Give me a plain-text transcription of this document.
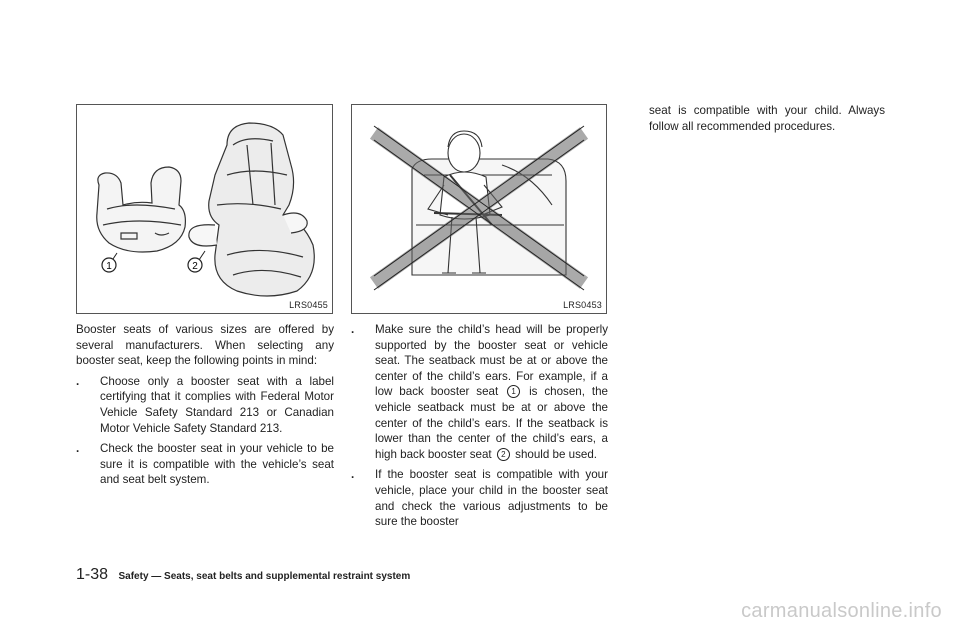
1	2
LRS0455	LRS0453

Booster seats of various sizes are offered by several manufacturers. When selecting any booster seat, keep the following points in mind:

. Choose only a booster seat with a label certifying that it complies with Federal Motor Vehicle Safety Standard 213 or Canadian Motor Vehicle Safety Standard 213.
. Check the booster seat in your vehicle to be sure it is compatible with the vehicle’s seat and seat belt system.
. Make sure the child’s head will be properly supported by the booster seat or vehicle seat. The seatback must be at or above the center of the child’s ears. For example, if a low back booster seat 1 is chosen, the vehicle seatback must be at or above the center of the child’s ears. If the seatback is lower than the center of the child’s ears, a high back booster seat 2 should be used.
. If the booster seat is compatible with your vehicle, place your child in the booster seat and check the various adjustments to be sure the booster

seat is compatible with your child. Always follow all recommended procedures.

1-38 Safety — Seats, seat belts and supplemental restraint system
carmanualsonline.info
